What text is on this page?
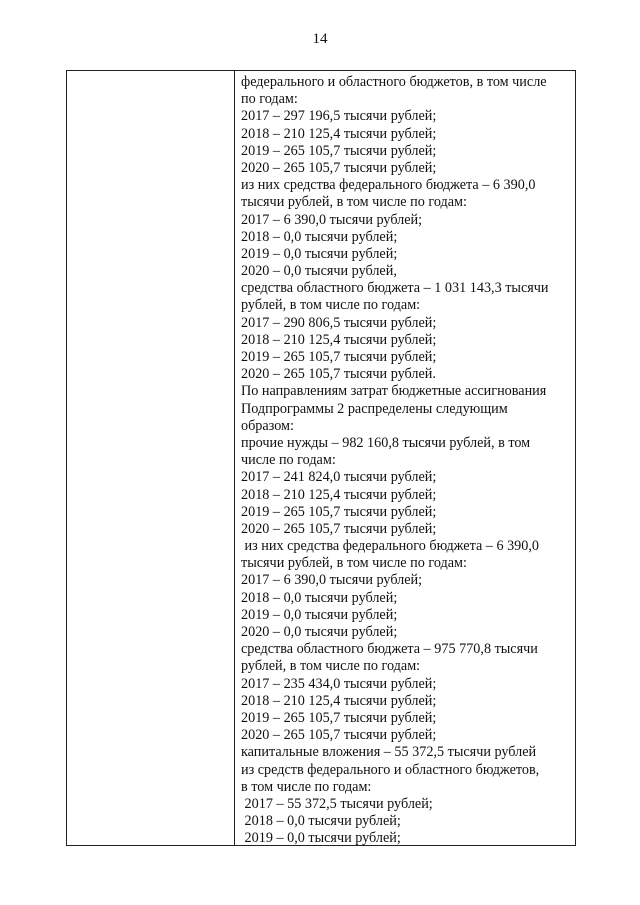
14
федерального и областного бюджетов, в том числе
по годам:
2017 – 297 196,5 тысячи рублей;
2018 – 210 125,4 тысячи рублей;
2019 – 265 105,7 тысячи рублей;
2020 – 265 105,7 тысячи рублей;
из них средства федерального бюджета – 6 390,0
тысячи рублей, в том числе по годам:
2017 – 6 390,0 тысячи рублей;
2018 – 0,0 тысячи рублей;
2019 – 0,0 тысячи рублей;
2020 – 0,0 тысячи рублей,
средства областного бюджета – 1 031 143,3 тысячи
рублей, в том числе по годам:
2017 – 290 806,5 тысячи рублей;
2018 – 210 125,4 тысячи рублей;
2019 – 265 105,7 тысячи рублей;
2020 – 265 105,7 тысячи рублей.
По направлениям затрат бюджетные ассигнования
Подпрограммы 2 распределены следующим
образом:
прочие нужды – 982 160,8 тысячи рублей, в том
числе по годам:
2017 – 241 824,0 тысячи рублей;
2018 – 210 125,4 тысячи рублей;
2019 – 265 105,7 тысячи рублей;
2020 – 265 105,7 тысячи рублей;
из них средства федерального бюджета – 6 390,0
тысячи рублей, в том числе по годам:
2017 – 6 390,0 тысячи рублей;
2018 – 0,0 тысячи рублей;
2019 – 0,0 тысячи рублей;
2020 – 0,0 тысячи рублей;
средства областного бюджета – 975 770,8 тысячи
рублей, в том числе по годам:
2017 – 235 434,0 тысячи рублей;
2018 – 210 125,4 тысячи рублей;
2019 – 265 105,7 тысячи рублей;
2020 – 265 105,7 тысячи рублей;
капитальные вложения – 55 372,5 тысячи рублей
из средств федерального и областного бюджетов,
в том числе по годам:
2017 – 55 372,5 тысячи рублей;
2018 – 0,0 тысячи рублей;
2019 – 0,0 тысячи рублей;
